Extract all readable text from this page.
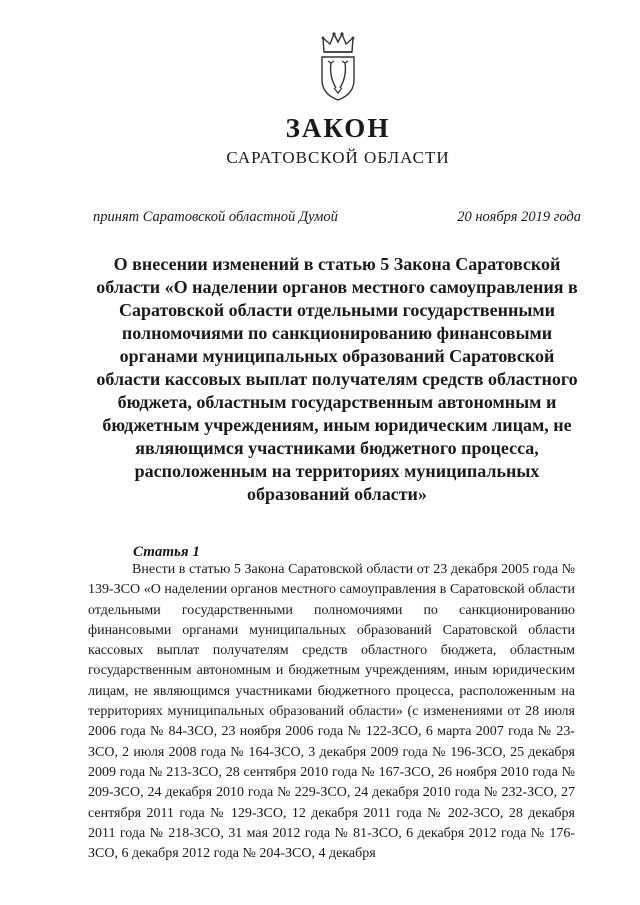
ЗАКОН
САРАТОВСКОЙ ОБЛАСТИ
принят Саратовской областной Думой	20 ноября 2019 года
О внесении изменений в статью 5 Закона Саратовской области «О наделении органов местного самоуправления в Саратовской области отдельными государственными полномочиями по санкционированию финансовыми органами муниципальных образований Саратовской области кассовых выплат получателям средств областного бюджета, областным государственным автономным и бюджетным учреждениям, иным юридическим лицам, не являющимся участниками бюджетного процесса, расположенным на территориях муниципальных образований области»
Статья 1
Внести в статью 5 Закона Саратовской области от 23 декабря 2005 года № 139-ЗСО «О наделении органов местного самоуправления в Саратовской области отдельными государственными полномочиями по санкционированию финансовыми органами муниципальных образований Саратовской области кассовых выплат получателям средств областного бюджета, областным государственным автономным и бюджетным учреждениям, иным юридическим лицам, не являющимся участниками бюджетного процесса, расположенным на территориях муниципальных образований области» (с изменениями от 28 июля 2006 года № 84-ЗСО, 23 ноября 2006 года № 122-ЗСО, 6 марта 2007 года № 23-ЗСО, 2 июля 2008 года № 164-ЗСО, 3 декабря 2009 года № 196-ЗСО, 25 декабря 2009 года № 213-ЗСО, 28 сентября 2010 года № 167-ЗСО, 26 ноября 2010 года № 209-ЗСО, 24 декабря 2010 года № 229-ЗСО, 24 декабря 2010 года № 232-ЗСО, 27 сентября 2011 года № 129-ЗСО, 12 декабря 2011 года № 202-ЗСО, 28 декабря 2011 года № 218-ЗСО, 31 мая 2012 года № 81-ЗСО, 6 декабря 2012 года № 176-ЗСО, 6 декабря 2012 года № 204-ЗСО, 4 декабря
